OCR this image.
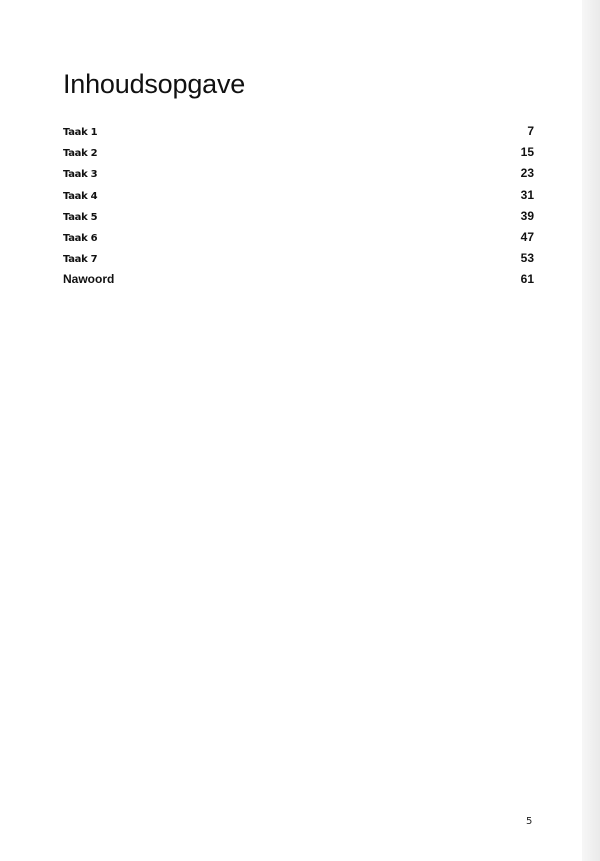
Inhoudsopgave
Taak 1	7
Taak 2	15
Taak 3	23
Taak 4	31
Taak 5	39
Taak 6	47
Taak 7	53
Nawoord	61
5
